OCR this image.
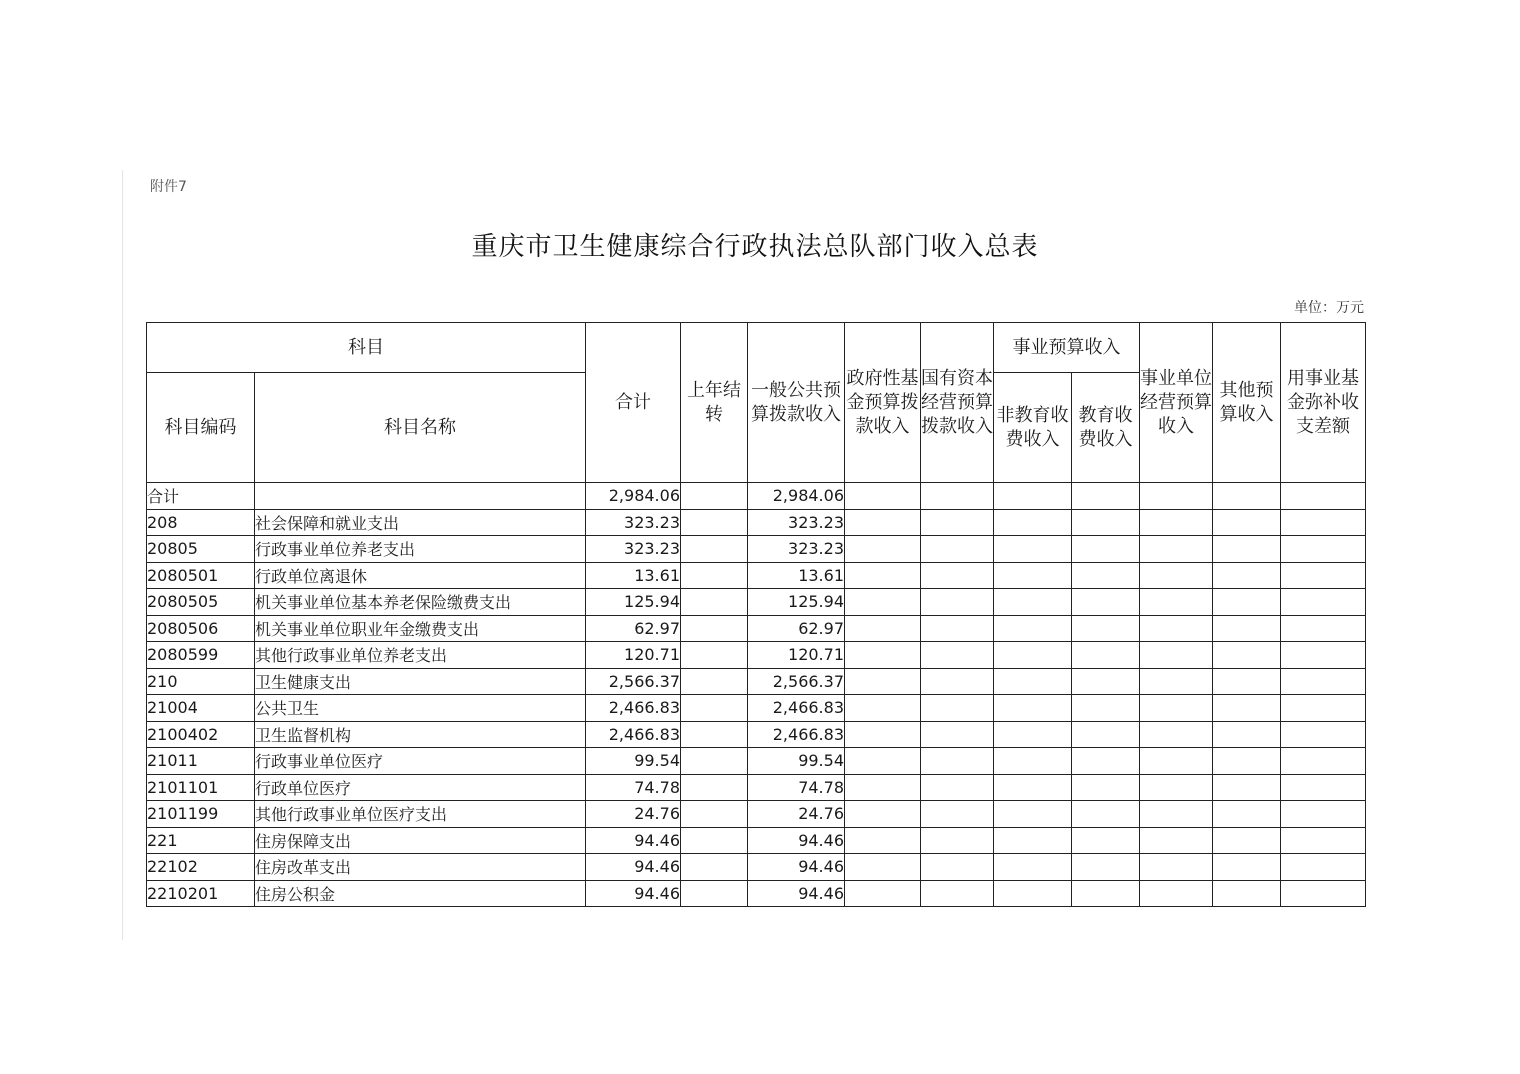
附件7
重庆市卫生健康综合行政执法总队部门收入总表
单位：万元
科目		合计	上年结转	一般公共预算拨款收入	政府性基金预算拨款收入	国有资本经营预算拨款收入	事业预算收入		事业单位经营预算收入	其他预算收入	用事业基金弥补收支差额
科目编码	科目名称						非教育收费收入	教育收费收入			
合计		2,984.06		2,984.06							
208	社会保障和就业支出	323.23		323.23							
20805	行政事业单位养老支出	323.23		323.23							
2080501	行政单位离退休	13.61		13.61							
2080505	机关事业单位基本养老保险缴费支出	125.94		125.94							
2080506	机关事业单位职业年金缴费支出	62.97		62.97							
2080599	其他行政事业单位养老支出	120.71		120.71							
210	卫生健康支出	2,566.37		2,566.37							
21004	公共卫生	2,466.83		2,466.83							
2100402	卫生监督机构	2,466.83		2,466.83							
21011	行政事业单位医疗	99.54		99.54							
2101101	行政单位医疗	74.78		74.78							
2101199	其他行政事业单位医疗支出	24.76		24.76							
221	住房保障支出	94.46		94.46							
22102	住房改革支出	94.46		94.46							
2210201	住房公积金	94.46		94.46							
